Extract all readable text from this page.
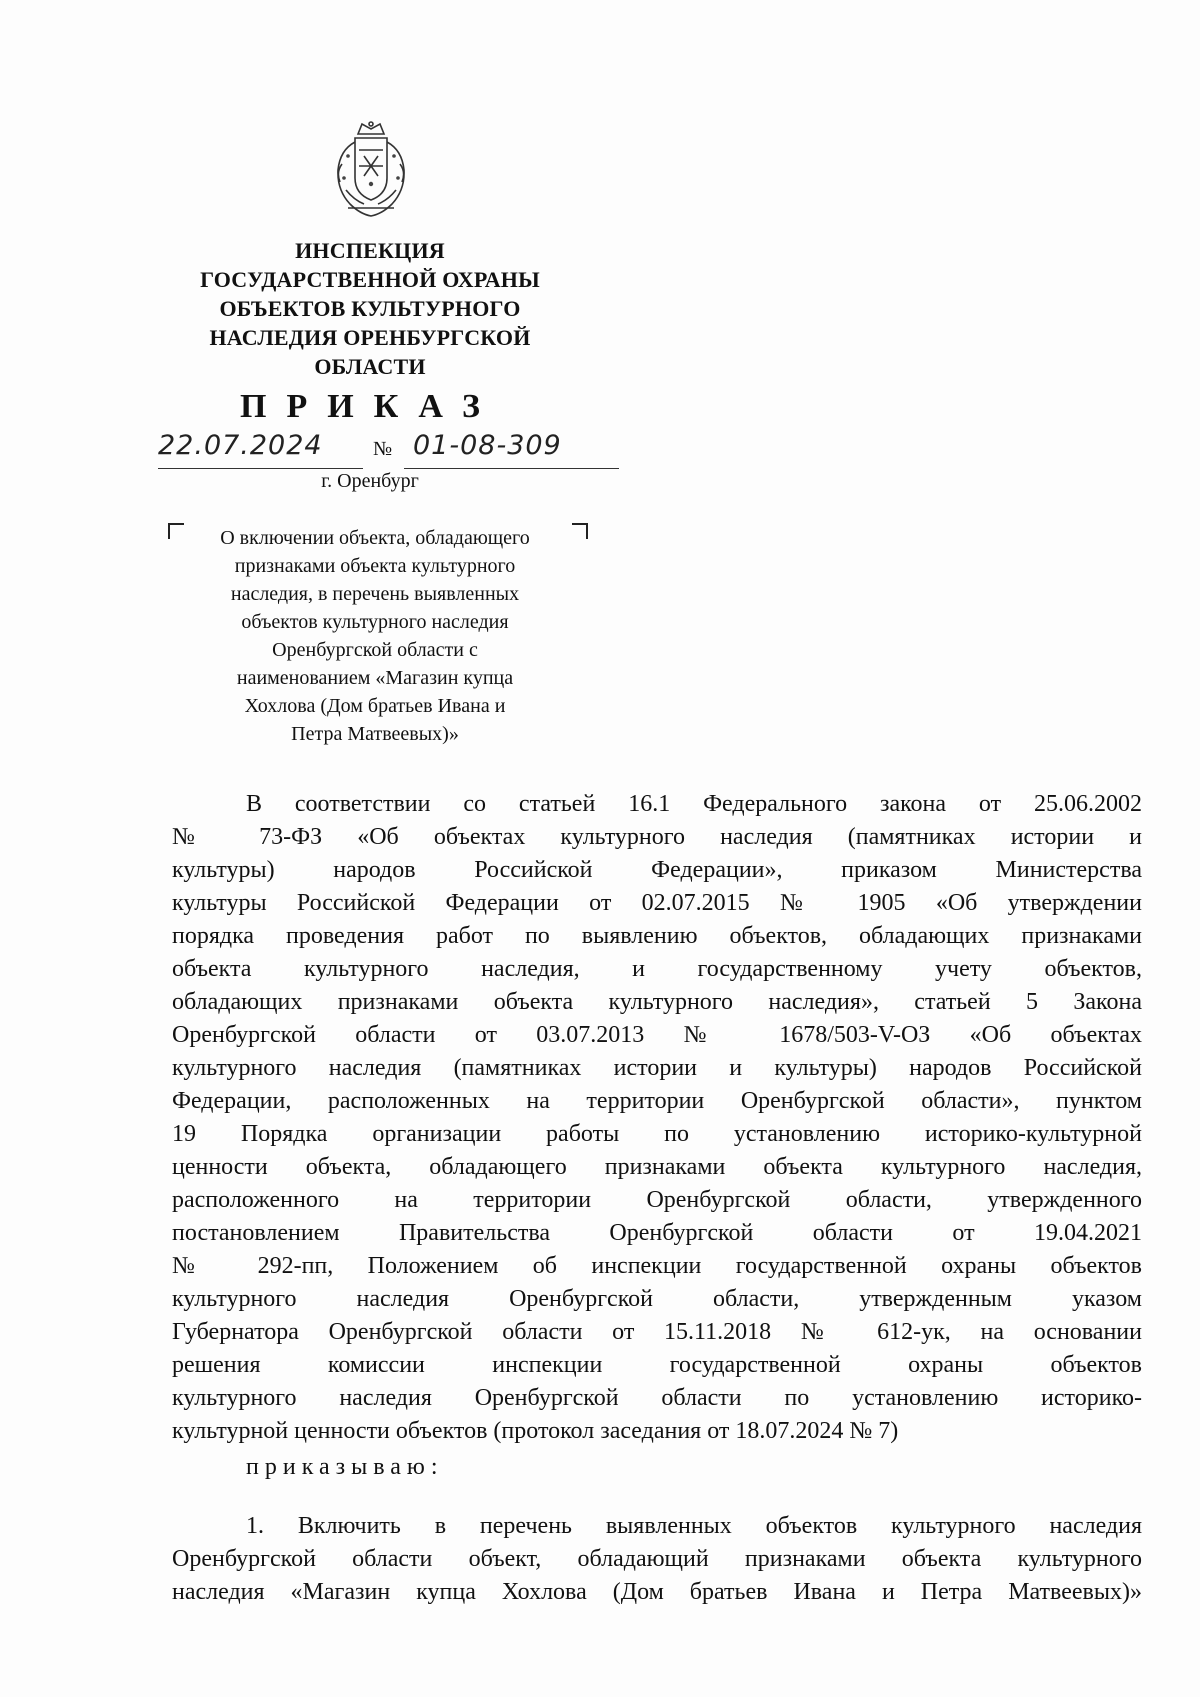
ИНСПЕКЦИЯ
ГОСУДАРСТВЕННОЙ ОХРАНЫ
ОБЪЕКТОВ КУЛЬТУРНОГО
НАСЛЕДИЯ ОРЕНБУРГСКОЙ
ОБЛАСТИ
ПРИКАЗ
22.07.2024	№ 01-08-309
г. Оренбург
О включении объекта, обладающего
признаками объекта культурного
наследия, в перечень выявленных
объектов культурного наследия
Оренбургской области с
наименованием «Магазин купца
Хохлова (Дом братьев Ивана и
Петра Матвеевых)»
В соответствии со статьей 16.1 Федерального закона от 25.06.2002
№ 73-ФЗ «Об объектах культурного наследия (памятниках истории и
культуры) народов Российской Федерации», приказом Министерства
культуры Российской Федерации от 02.07.2015 № 1905 «Об утверждении
порядка проведения работ по выявлению объектов, обладающих признаками
объекта культурного наследия, и государственному учету объектов,
обладающих признаками объекта культурного наследия», статьей 5 Закона
Оренбургской области от 03.07.2013 № 1678/503-V-ОЗ «Об объектах
культурного наследия (памятниках истории и культуры) народов Российской
Федерации, расположенных на территории Оренбургской области», пунктом
19 Порядка организации работы по установлению историко-культурной
ценности объекта, обладающего признаками объекта культурного наследия,
расположенного на территории Оренбургской области, утвержденного
постановлением Правительства Оренбургской области от 19.04.2021
№ 292-пп, Положением об инспекции государственной охраны объектов
культурного наследия Оренбургской области, утвержденным указом
Губернатора Оренбургской области от 15.11.2018 № 612-ук, на основании
решения комиссии инспекции государственной охраны объектов
культурного наследия Оренбургской области по установлению историко-
культурной ценности объектов (протокол заседания от 18.07.2024 № 7)
приказываю:
1. Включить в перечень выявленных объектов культурного наследия
Оренбургской области объект, обладающий признаками объекта культурного
наследия «Магазин купца Хохлова (Дом братьев Ивана и Петра Матвеевых)»
